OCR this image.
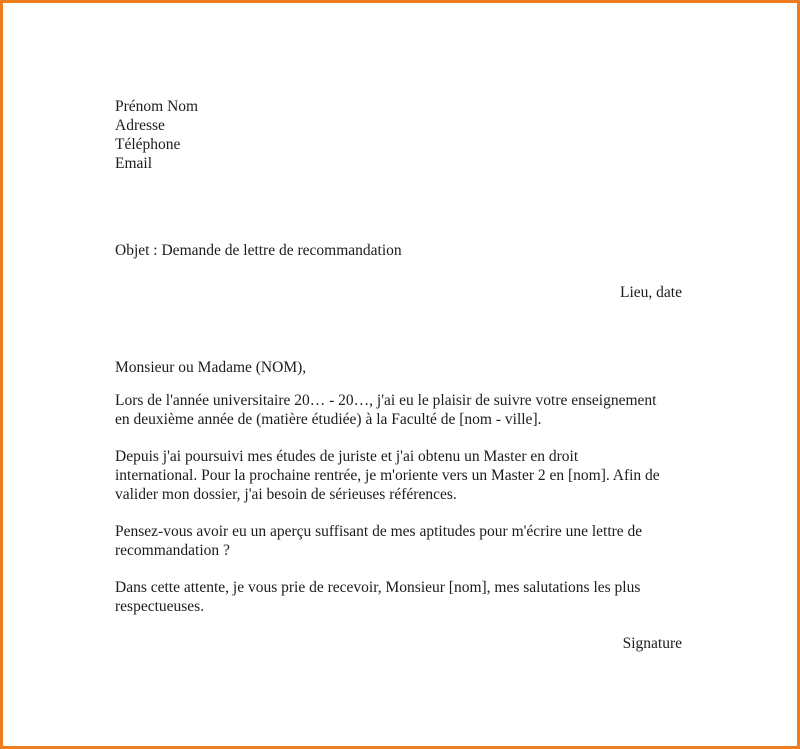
Prénom Nom
Adresse
Téléphone
Email
Objet : Demande de lettre de recommandation
Lieu, date
Monsieur ou Madame (NOM),
Lors de l'année universitaire 20… - 20…, j'ai eu le plaisir de suivre votre enseignement
en deuxième année de (matière étudiée) à la Faculté de [nom - ville].
Depuis j'ai poursuivi mes études de juriste et j'ai obtenu un Master en droit
international. Pour la prochaine rentrée, je m'oriente vers un Master 2 en [nom]. Afin de
valider mon dossier, j'ai besoin de sérieuses références.
Pensez-vous avoir eu un aperçu suffisant de mes aptitudes pour m'écrire une lettre de
recommandation ?
Dans cette attente, je vous prie de recevoir, Monsieur [nom], mes salutations les plus
respectueuses.
Signature
